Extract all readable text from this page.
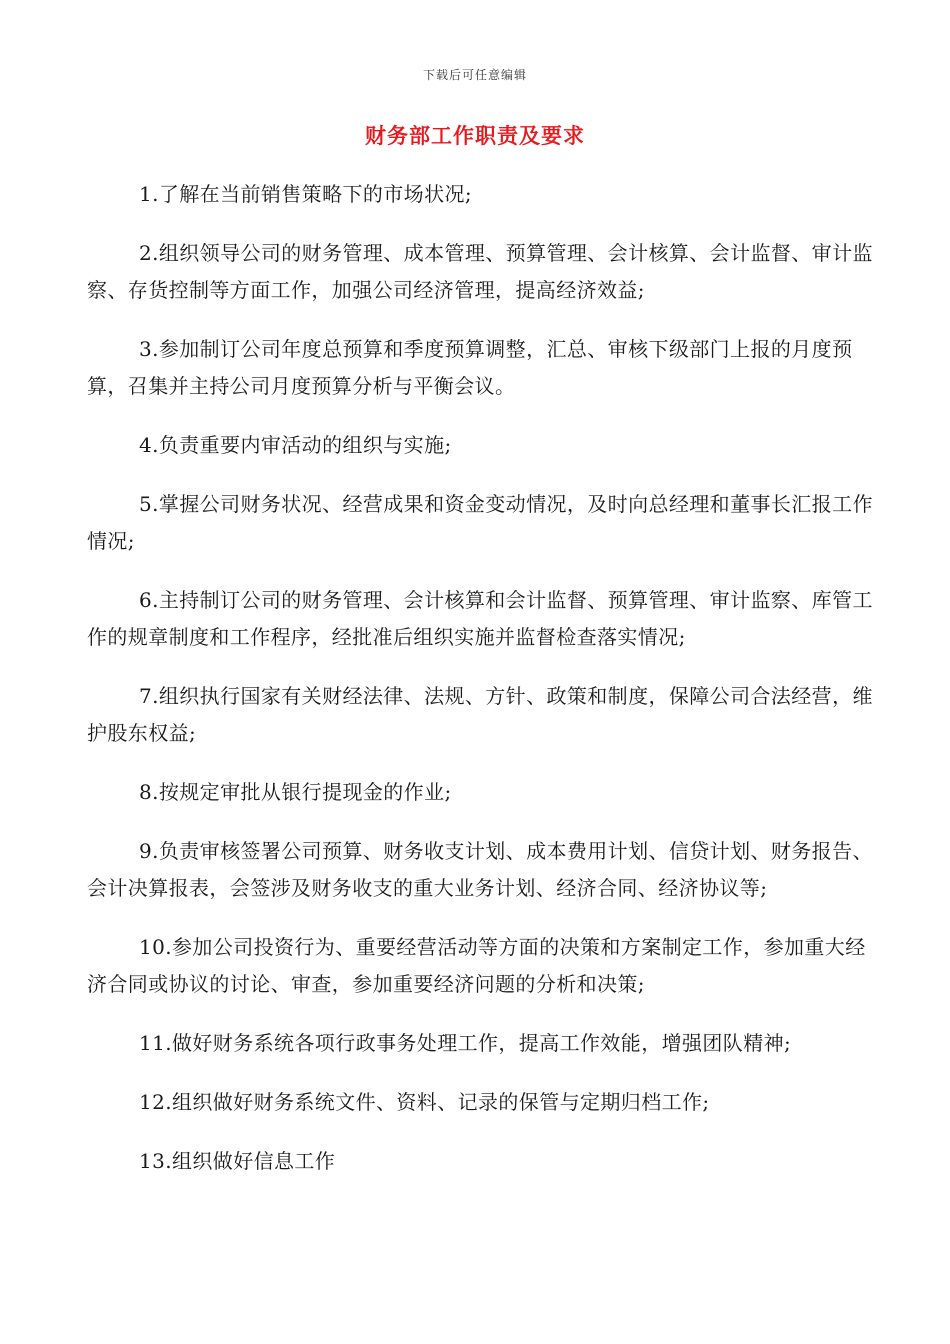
下载后可任意编辑
财务部工作职责及要求

1.了解在当前销售策略下的市场状况;

2.组织领导公司的财务管理、成本管理、预算管理、会计核算、会计监督、审计监察、存货控制等方面工作，加强公司经济管理，提高经济效益;

3.参加制订公司年度总预算和季度预算调整，汇总、审核下级部门上报的月度预算，召集并主持公司月度预算分析与平衡会议。

4.负责重要内审活动的组织与实施;

5.掌握公司财务状况、经营成果和资金变动情况，及时向总经理和董事长汇报工作情况;

6.主持制订公司的财务管理、会计核算和会计监督、预算管理、审计监察、库管工作的规章制度和工作程序，经批准后组织实施并监督检查落实情况;

7.组织执行国家有关财经法律、法规、方针、政策和制度，保障公司合法经营，维护股东权益;

8.按规定审批从银行提现金的作业;

9.负责审核签署公司预算、财务收支计划、成本费用计划、信贷计划、财务报告、会计决算报表，会签涉及财务收支的重大业务计划、经济合同、经济协议等;

10.参加公司投资行为、重要经营活动等方面的决策和方案制定工作，参加重大经济合同或协议的讨论、审查，参加重要经济问题的分析和决策;

11.做好财务系统各项行政事务处理工作，提高工作效能，增强团队精神;

12.组织做好财务系统文件、资料、记录的保管与定期归档工作;

13.组织做好信息工作
